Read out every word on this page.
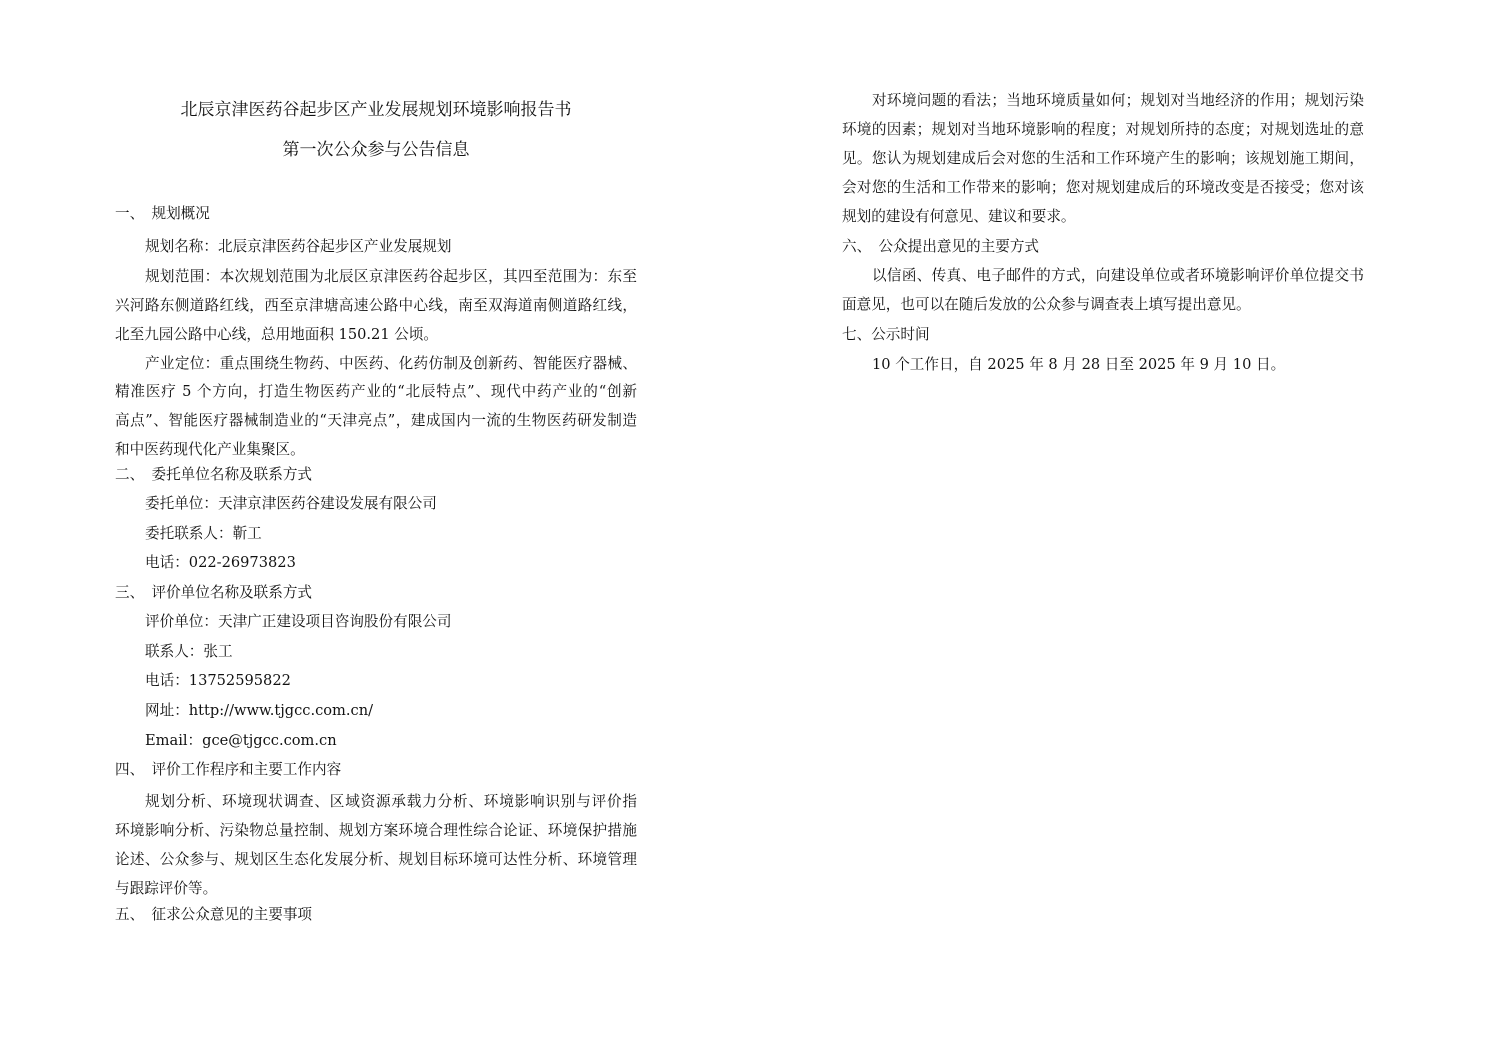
北辰京津医药谷起步区产业发展规划环境影响报告书
第一次公众参与公告信息
一、　规划概况
规划名称：北辰京津医药谷起步区产业发展规划
规划范围：本次规划范围为北辰区京津医药谷起步区，其四至范围为：东至
兴河路东侧道路红线，西至京津塘高速公路中心线，南至双海道南侧道路红线，
北至九园公路中心线，总用地面积 150.21 公顷。
产业定位：重点围绕生物药、中医药、化药仿制及创新药、智能医疗器械、
精准医疗 5 个方向，打造生物医药产业的“北辰特点”、现代中药产业的“创新
高点”、智能医疗器械制造业的“天津亮点”，建成国内一流的生物医药研发制造
和中医药现代化产业集聚区。
二、　委托单位名称及联系方式
委托单位：天津京津医药谷建设发展有限公司
委托联系人：靳工
电话：022-26973823
三、　评价单位名称及联系方式
评价单位：天津广正建设项目咨询股份有限公司
联系人：张工
电话：13752595822
网址：http://www.tjgcc.com.cn/
Email：gce@tjgcc.com.cn
四、　评价工作程序和主要工作内容
规划分析、环境现状调查、区域资源承载力分析、环境影响识别与评价指
环境影响分析、污染物总量控制、规划方案环境合理性综合论证、环境保护措施
论述、公众参与、规划区生态化发展分析、规划目标环境可达性分析、环境管理
与跟踪评价等。
五、　征求公众意见的主要事项
对环境问题的看法；当地环境质量如何；规划对当地经济的作用；规划污染
环境的因素；规划对当地环境影响的程度；对规划所持的态度；对规划选址的意
见。您认为规划建成后会对您的生活和工作环境产生的影响；该规划施工期间，
会对您的生活和工作带来的影响；您对规划建成后的环境改变是否接受；您对该
规划的建设有何意见、建议和要求。
六、　公众提出意见的主要方式
以信函、传真、电子邮件的方式，向建设单位或者环境影响评价单位提交书
面意见，也可以在随后发放的公众参与调查表上填写提出意见。
七、公示时间
10 个工作日，自 2025 年 8 月 28 日至 2025 年 9 月 10 日。
